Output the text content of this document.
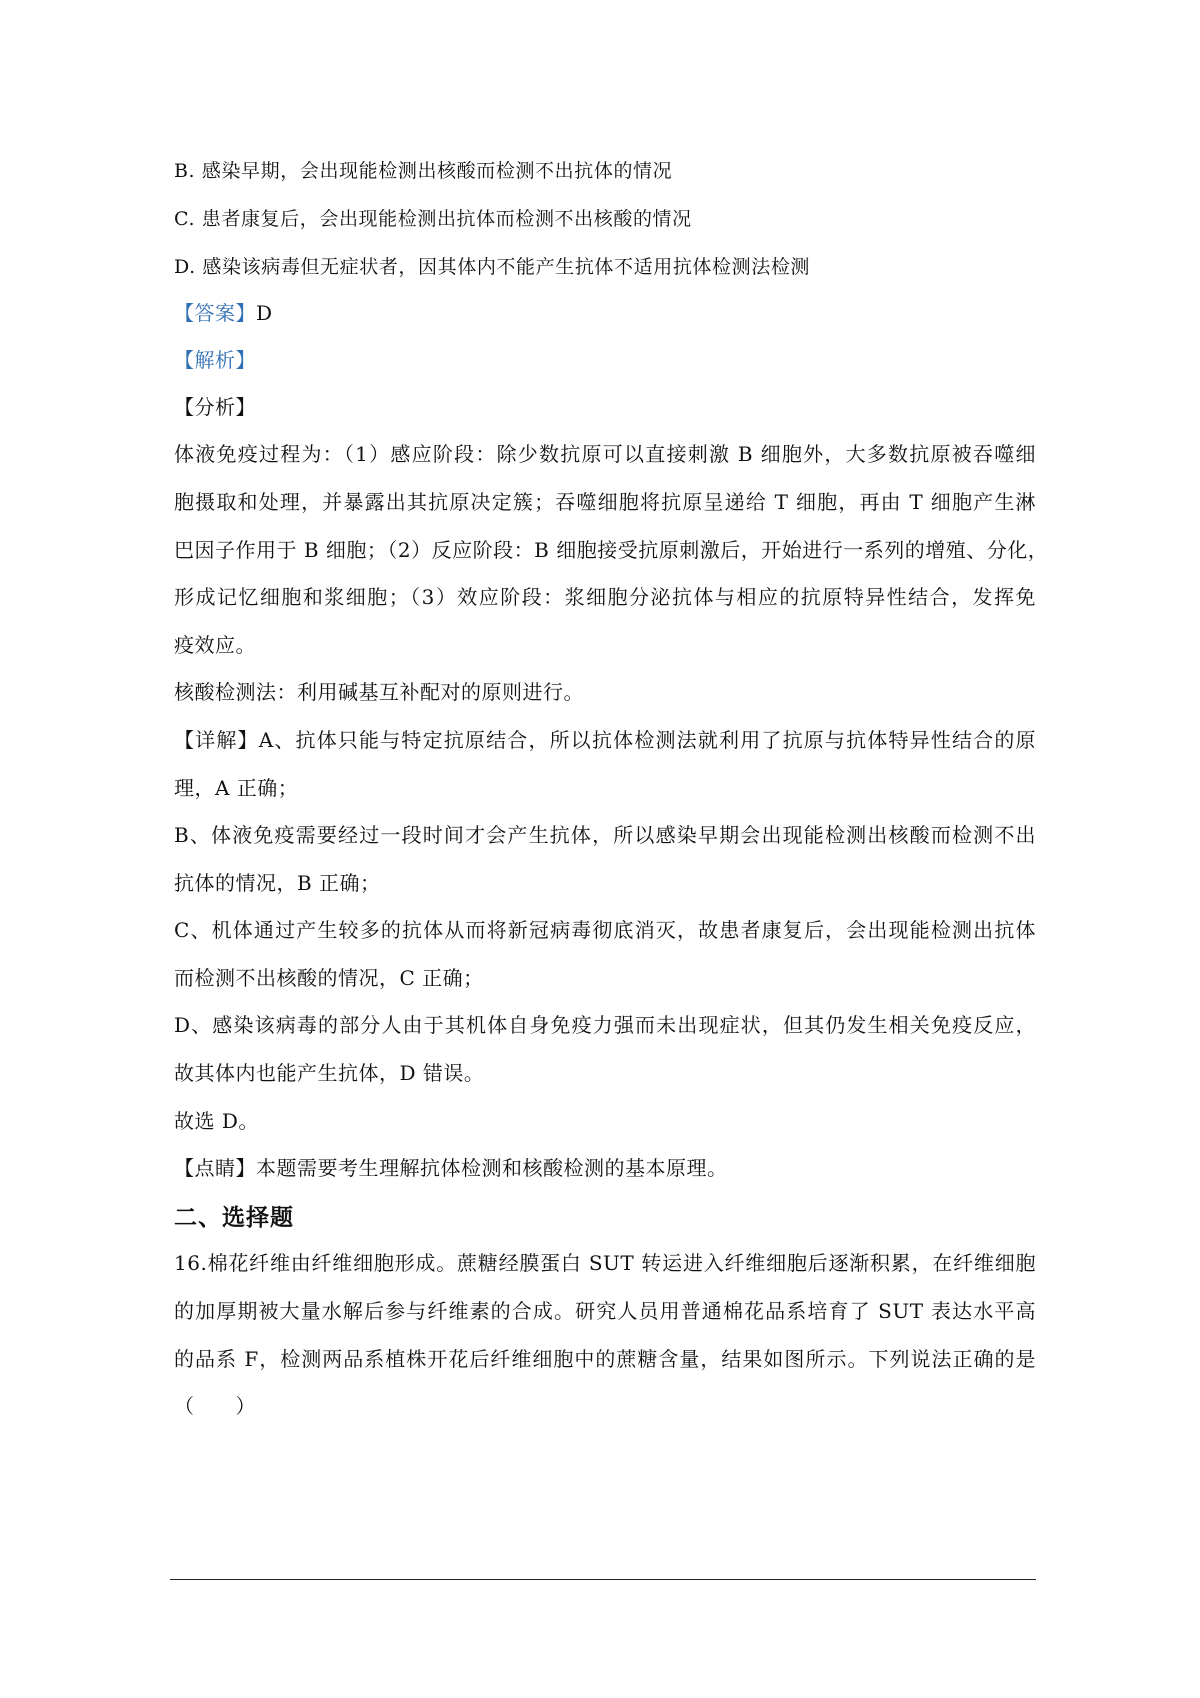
B. 感染早期，会出现能检测出核酸而检测不出抗体的情况
C. 患者康复后，会出现能检测出抗体而检测不出核酸的情况
D. 感染该病毒但无症状者，因其体内不能产生抗体不适用抗体检测法检测
【答案】D
【解析】
【分析】
体液免疫过程为：（1）感应阶段：除少数抗原可以直接刺激 B 细胞外，大多数抗原被吞噬细
胞摄取和处理，并暴露出其抗原决定簇；吞噬细胞将抗原呈递给 T 细胞，再由 T 细胞产生淋
巴因子作用于 B 细胞；（2）反应阶段：B 细胞接受抗原刺激后，开始进行一系列的增殖、分化，
形成记忆细胞和浆细胞；（3）效应阶段：浆细胞分泌抗体与相应的抗原特异性结合，发挥免
疫效应。
核酸检测法：利用碱基互补配对的原则进行。
【详解】A、抗体只能与特定抗原结合，所以抗体检测法就利用了抗原与抗体特异性结合的原
理，A 正确；
B、体液免疫需要经过一段时间才会产生抗体，所以感染早期会出现能检测出核酸而检测不出
抗体的情况，B 正确；
C、机体通过产生较多的抗体从而将新冠病毒彻底消灭，故患者康复后，会出现能检测出抗体
而检测不出核酸的情况，C 正确；
D、感染该病毒的部分人由于其机体自身免疫力强而未出现症状，但其仍发生相关免疫反应，
故其体内也能产生抗体，D 错误。
故选 D。
【点睛】本题需要考生理解抗体检测和核酸检测的基本原理。
二、选择题
16.棉花纤维由纤维细胞形成。蔗糖经膜蛋白 SUT 转运进入纤维细胞后逐渐积累，在纤维细胞
的加厚期被大量水解后参与纤维素的合成。研究人员用普通棉花品系培育了 SUT 表达水平高
的品系 F，检测两品系植株开花后纤维细胞中的蔗糖含量，结果如图所示。下列说法正确的是
（　　）
